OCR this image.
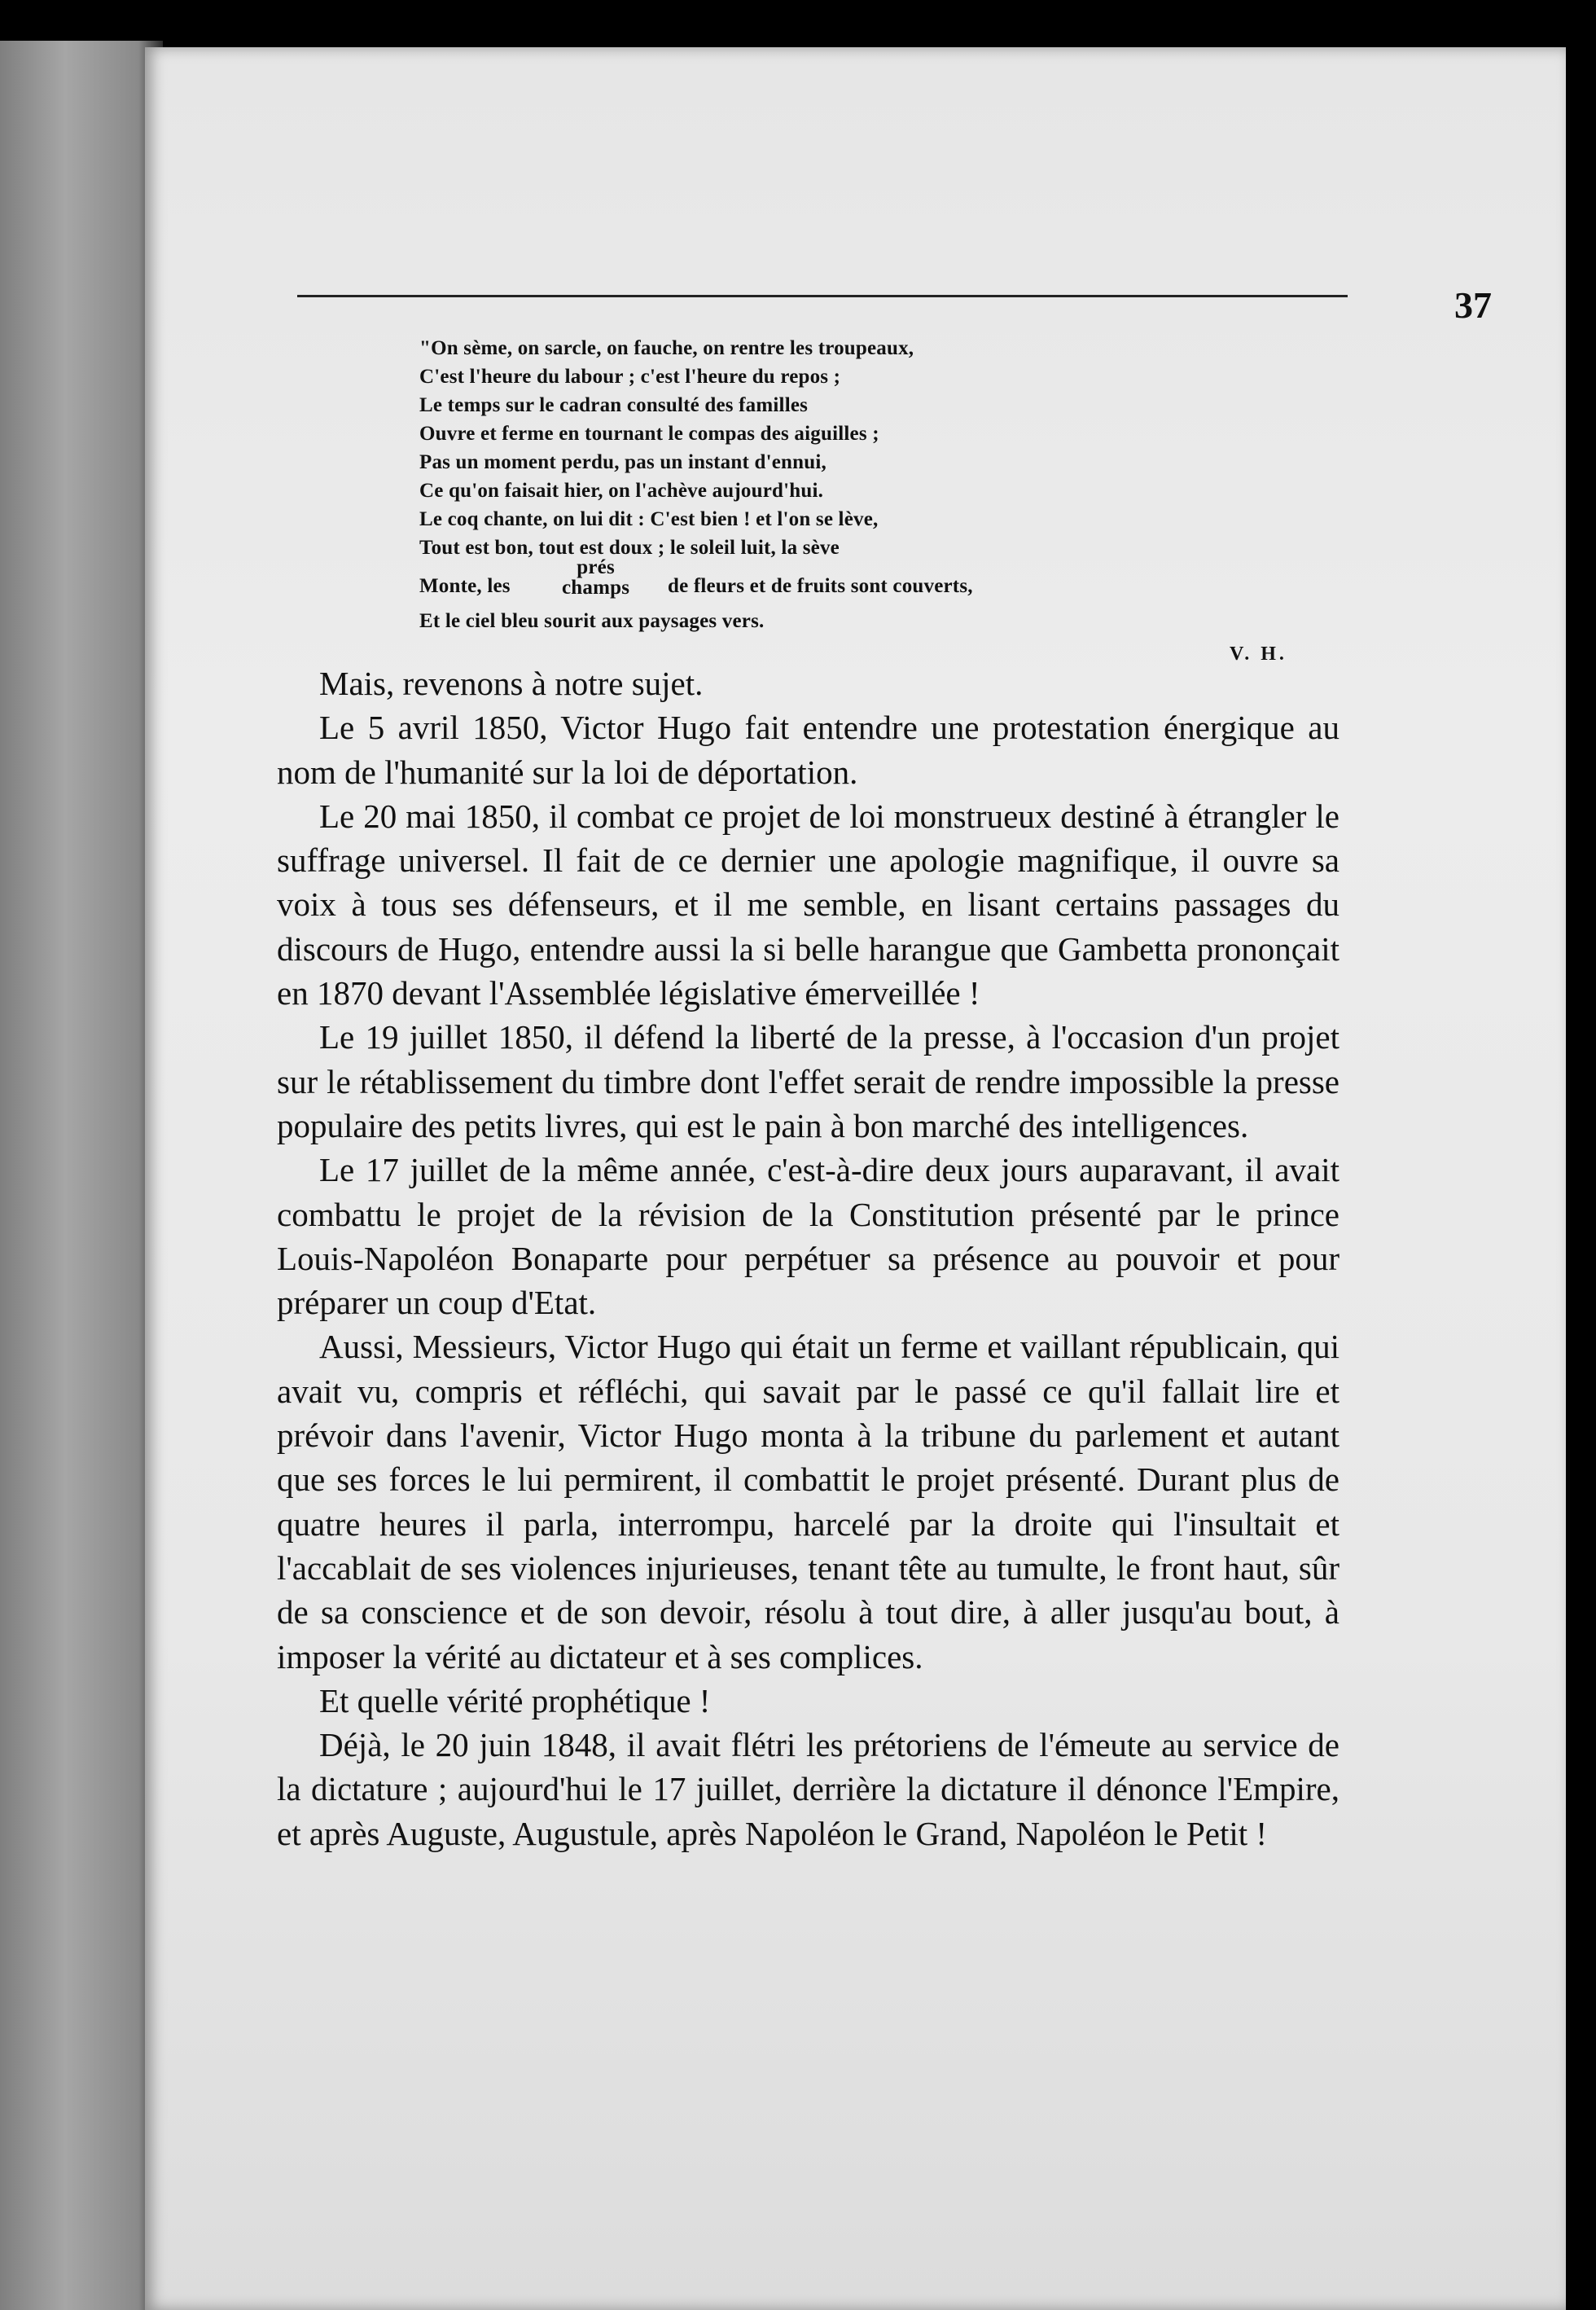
37
"On sème, on sarcle, on fauche, on rentre les troupeaux,
C'est l'heure du labour ; c'est l'heure du repos ;
Le temps sur le cadran consulté des familles
Ouvre et ferme en tournant le compas des aiguilles ;
Pas un moment perdu, pas un instant d'ennui,
Ce qu'on faisait hier, on l'achève aujourd'hui.
Le coq chante, on lui dit : C'est bien ! et l'on se lève,
Tout est bon, tout est doux ; le soleil luit, la sève
Monte, les
prés
champs de fleurs et de fruits sont couverts,
Et le ciel bleu sourit aux paysages vers.
V. H.

Mais, revenons à notre sujet.

Le 5 avril 1850, Victor Hugo fait entendre une protestation énergique au nom de l'humanité sur la loi de déportation.

Le 20 mai 1850, il combat ce projet de loi monstrueux destiné à étrangler le suffrage universel. Il fait de ce dernier une apologie magnifique, il ouvre sa voix à tous ses défenseurs, et il me semble, en lisant certains passages du discours de Hugo, entendre aussi la si belle harangue que Gambetta prononçait en 1870 devant l'Assemblée législative émerveillée !

Le 19 juillet 1850, il défend la liberté de la presse, à l'occasion d'un projet sur le rétablissement du timbre dont l'effet serait de rendre impossible la presse populaire des petits livres, qui est le pain à bon marché des intelligences.

Le 17 juillet de la même année, c'est-à-dire deux jours auparavant, il avait combattu le projet de la révision de la Constitution présenté par le prince Louis-Napoléon Bonaparte pour perpétuer sa présence au pouvoir et pour préparer un coup d'Etat.

Aussi, Messieurs, Victor Hugo qui était un ferme et vaillant républicain, qui avait vu, compris et réfléchi, qui savait par le passé ce qu'il fallait lire et prévoir dans l'avenir, Victor Hugo monta à la tribune du parlement et autant que ses forces le lui permirent, il combattit le projet présenté. Durant plus de quatre heures il parla, interrompu, harcelé par la droite qui l'insultait et l'accablait de ses violences injurieuses, tenant tête au tumulte, le front haut, sûr de sa conscience et de son devoir, résolu à tout dire, à aller jusqu'au bout, à imposer la vérité au dictateur et à ses complices.

Et quelle vérité prophétique !

Déjà, le 20 juin 1848, il avait flétri les prétoriens de l'émeute au service de la dictature ; aujourd'hui le 17 juillet, derrière la dictature il dénonce l'Empire, et après Auguste, Augustule, après Napoléon le Grand, Napoléon le Petit !
